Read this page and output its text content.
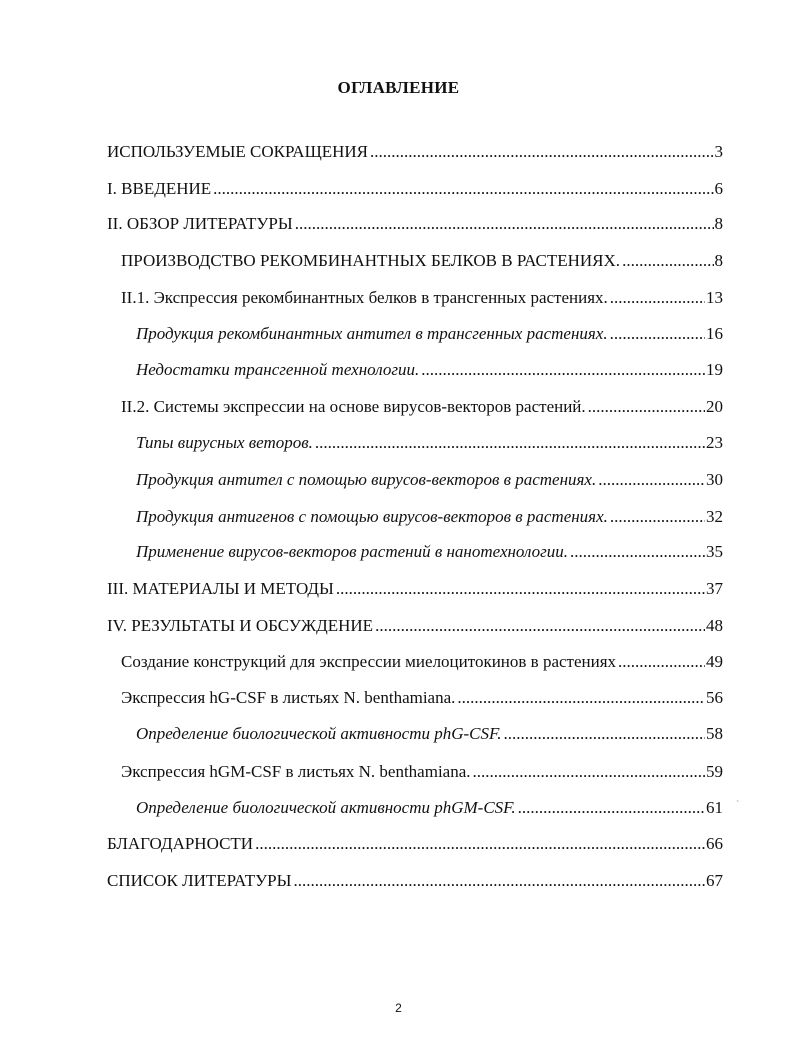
ОГЛАВЛЕНИЕ
ИСПОЛЬЗУЕМЫЕ СОКРАЩЕНИЯ .....	3
I. ВВЕДЕНИЕ .....	6
II. ОБЗОР ЛИТЕРАТУРЫ .....	8
ПРОИЗВОДСТВО РЕКОМБИНАНТНЫХ БЕЛКОВ В РАСТЕНИЯХ. .....	8
II.1. Экспрессия рекомбинантных белков в трансгенных растениях. .....	13
Продукция рекомбинантных антител в трансгенных растениях. .....	16
Недостатки трансгенной технологии. .....	19
II.2. Системы экспрессии на основе вирусов-векторов растений. .....	20
Типы вирусных веторов. .....	23
Продукция антител с помощью вирусов-векторов в растениях. .....	30
Продукция антигенов с помощью вирусов-векторов в растениях. .....	32
Применение вирусов-векторов растений в нанотехнологии. .....	35
III. МАТЕРИАЛЫ И МЕТОДЫ .....	37
IV. РЕЗУЛЬТАТЫ И ОБСУЖДЕНИЕ .....	48
Создание конструкций для экспрессии миелоцитокинов в растениях .....	49
Экспрессия hG-CSF в листьях N. benthamiana. .....	56
Определение биологической активности phG-CSF. .....	58
Экспрессия hGM-CSF в листьях N. benthamiana. .....	59
Определение биологической активности phGM-CSF. .....	61
БЛАГОДАРНОСТИ .....	66
СПИСОК ЛИТЕРАТУРЫ .....	67
`
2
